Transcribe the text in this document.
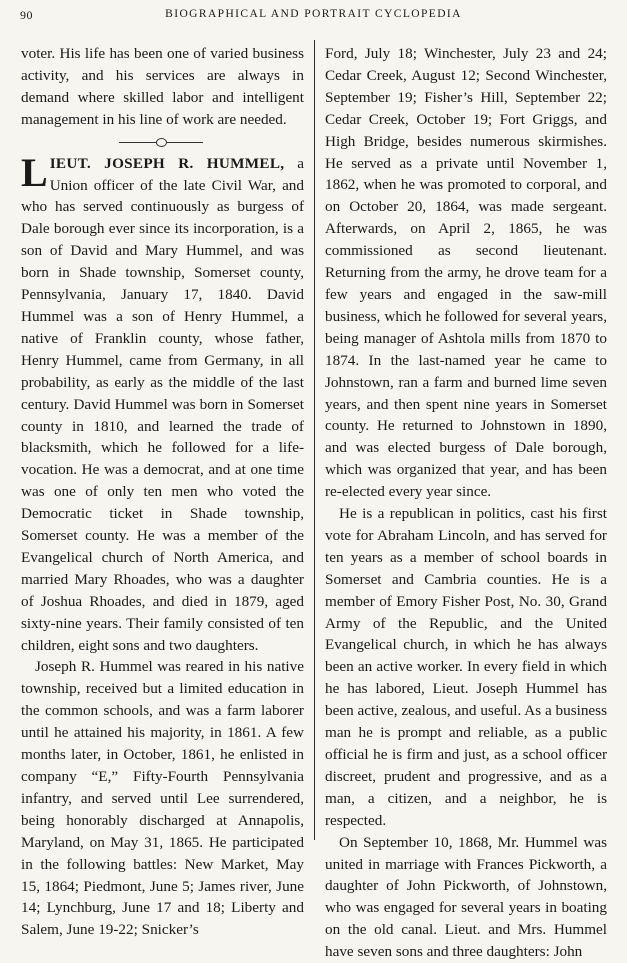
90	BIOGRAPHICAL AND PORTRAIT CYCLOPEDIA

voter. His life has been one of varied business activity, and his services are always in demand where skilled labor and intelligent management in his line of work are needed.

LIEUT. JOSEPH R. HUMMEL, a Union officer of the late Civil War, and who has served continuously as burgess of Dale borough ever since its incorporation, is a son of David and Mary Hummel, and was born in Shade township, Somerset county, Pennsylvania, January 17, 1840. David Hummel was a son of Henry Hummel, a native of Franklin county, whose father, Henry Hummel, came from Germany, in all probability, as early as the middle of the last century. David Hummel was born in Somerset county in 1810, and learned the trade of blacksmith, which he followed for a life-vocation. He was a democrat, and at one time was one of only ten men who voted the Democratic ticket in Shade township, Somerset county. He was a member of the Evangelical church of North America, and married Mary Rhoades, who was a daughter of Joshua Rhoades, and died in 1879, aged sixty-nine years. Their family consisted of ten children, eight sons and two daughters.

Joseph R. Hummel was reared in his native township, received but a limited education in the common schools, and was a farm laborer until he attained his majority, in 1861. A few months later, in October, 1861, he enlisted in company “E,” Fifty-Fourth Pennsylvania infantry, and served until Lee surrendered, being honorably discharged at Annapolis, Maryland, on May 31, 1865. He participated in the following battles: New Market, May 15, 1864; Piedmont, June 5; James river, June 14; Lynchburg, June 17 and 18; Liberty and Salem, June 19-22; Snicker’s

Ford, July 18; Winchester, July 23 and 24; Cedar Creek, August 12; Second Winchester, September 19; Fisher’s Hill, September 22; Cedar Creek, October 19; Fort Griggs, and High Bridge, besides numerous skirmishes. He served as a private until November 1, 1862, when he was promoted to corporal, and on October 20, 1864, was made sergeant. Afterwards, on April 2, 1865, he was commissioned as second lieutenant. Returning from the army, he drove team for a few years and engaged in the saw-mill business, which he followed for several years, being manager of Ashtola mills from 1870 to 1874. In the last-named year he came to Johnstown, ran a farm and burned lime seven years, and then spent nine years in Somerset county. He returned to Johnstown in 1890, and was elected burgess of Dale borough, which was organized that year, and has been re-elected every year since.

He is a republican in politics, cast his first vote for Abraham Lincoln, and has served for ten years as a member of school boards in Somerset and Cambria counties. He is a member of Emory Fisher Post, No. 30, Grand Army of the Republic, and the United Evangelical church, in which he has always been an active worker. In every field in which he has labored, Lieut. Joseph Hummel has been active, zealous, and useful. As a business man he is prompt and reliable, as a public official he is firm and just, as a school officer discreet, prudent and progressive, and as a man, a citizen, and a neighbor, he is respected.

On September 10, 1868, Mr. Hummel was united in marriage with Frances Pickworth, a daughter of John Pickworth, of Johnstown, who was engaged for several years in boating on the old canal. Lieut. and Mrs. Hummel have seven sons and three daughters: John
